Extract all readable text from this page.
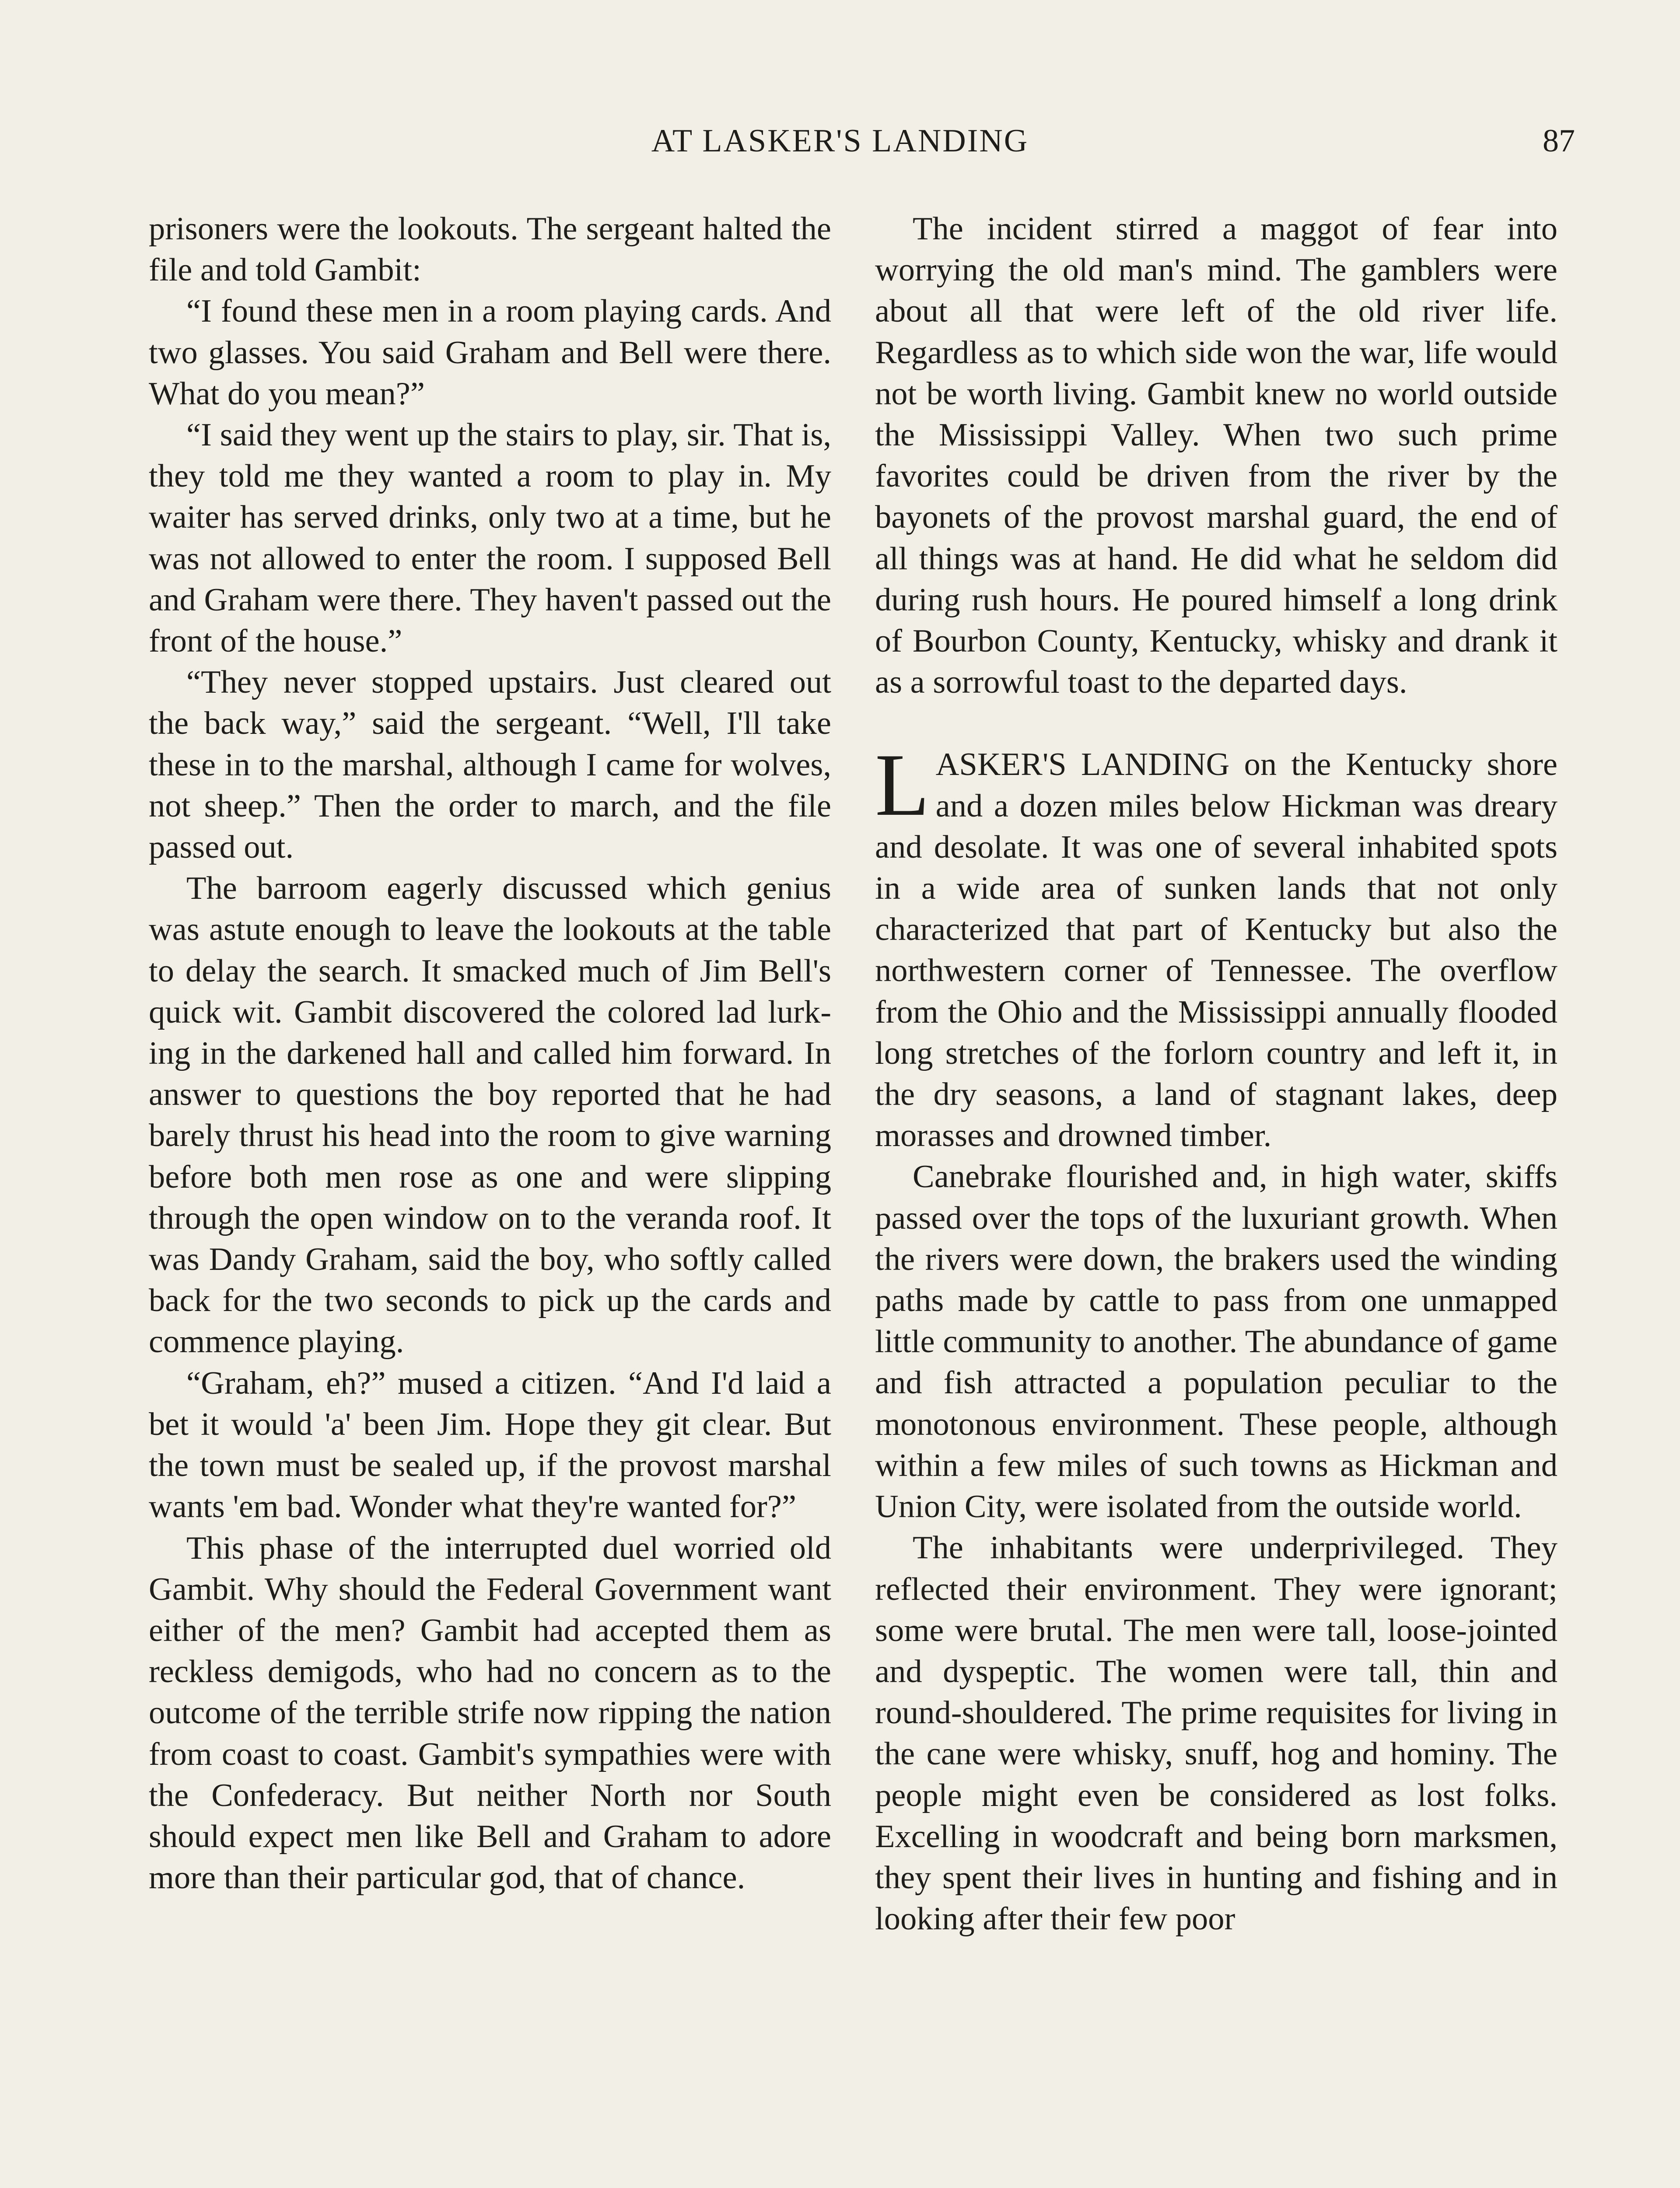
AT LASKER'S LANDING	87

prisoners were the lookouts. The sergeant halted the file and told Gambit:

“I found these men in a room playing cards. And two glasses. You said Graham and Bell were there. What do you mean?”

“I said they went up the stairs to play, sir. That is, they told me they wanted a room to play in. My waiter has served drinks, only two at a time, but he was not allowed to enter the room. I supposed Bell and Graham were there. They haven't passed out the front of the house.”

“They never stopped upstairs. Just cleared out the back way,” said the sergeant. “Well, I'll take these in to the marshal, although I came for wolves, not sheep.” Then the order to march, and the file passed out.

The barroom eagerly discussed which genius was astute enough to leave the lookouts at the table to delay the search. It smacked much of Jim Bell's quick wit. Gambit discovered the colored lad lurking in the darkened hall and called him forward. In answer to questions the boy reported that he had barely thrust his head into the room to give warning before both men rose as one and were slipping through the open window on to the veranda roof. It was Dandy Graham, said the boy, who softly called back for the two seconds to pick up the cards and commence playing.

“Graham, eh?” mused a citizen. “And I'd laid a bet it would 'a' been Jim. Hope they git clear. But the town must be sealed up, if the provost marshal wants 'em bad. Wonder what they're wanted for?”

This phase of the interrupted duel worried old Gambit. Why should the Federal Government want either of the men? Gambit had accepted them as reckless demigods, who had no concern as to the outcome of the terrible strife now ripping the nation from coast to coast. Gambit's sympathies were with the Confederacy. But neither North nor South should expect men like Bell and Graham to adore more than their particular god, that of chance.

The incident stirred a maggot of fear into worrying the old man's mind. The gamblers were about all that were left of the old river life. Regardless as to which side won the war, life would not be worth living. Gambit knew no world outside the Mississippi Valley. When two such prime favorites could be driven from the river by the bayonets of the provost marshal guard, the end of all things was at hand. He did what he seldom did during rush hours. He poured himself a long drink of Bourbon County, Kentucky, whisky and drank it as a sorrowful toast to the departed days.

LASKER'S LANDING on the Kentucky shore and a dozen miles below Hickman was dreary and desolate. It was one of several inhabited spots in a wide area of sunken lands that not only characterized that part of Kentucky but also the northwestern corner of Tennessee. The overflow from the Ohio and the Mississippi annually flooded long stretches of the forlorn country and left it, in the dry seasons, a land of stagnant lakes, deep morasses and drowned timber.

Canebrake flourished and, in high water, skiffs passed over the tops of the luxuriant growth. When the rivers were down, the brakers used the winding paths made by cattle to pass from one unmapped little community to another. The abundance of game and fish attracted a population peculiar to the monotonous environment. These people, although within a few miles of such towns as Hickman and Union City, were isolated from the outside world.

The inhabitants were underprivileged. They reflected their environment. They were ignorant; some were brutal. The men were tall, loose-jointed and dyspeptic. The women were tall, thin and round-shouldered. The prime requisites for living in the cane were whisky, snuff, hog and hominy. The people might even be considered as lost folks. Excelling in woodcraft and being born marksmen, they spent their lives in hunting and fishing and in looking after their few poor
